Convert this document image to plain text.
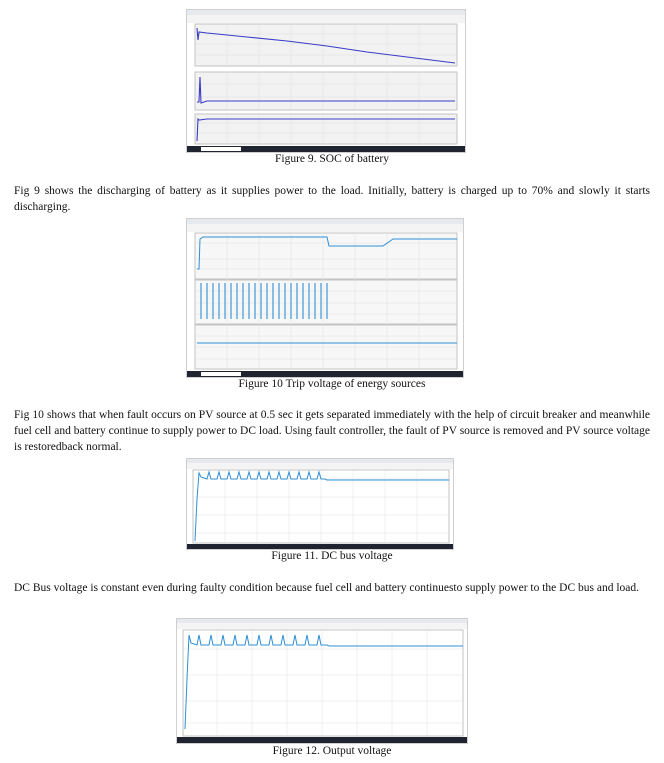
Figure 9. SOC of battery
Fig 9 shows the discharging of battery as it supplies power to the load. Initially, battery is charged up to 70% and slowly it starts discharging.
Figure 10 Trip voltage of energy sources
Fig 10 shows that when fault occurs on PV source at 0.5 sec it gets separated immediately with the help of circuit breaker and meanwhile fuel cell and battery continue to supply power to DC load. Using fault controller, the fault of PV source is removed and PV source voltage is restoredback normal.
Figure 11. DC bus voltage
DC Bus voltage is constant even during faulty condition because fuel cell and battery continuesto supply power to the DC bus and load.
Figure 12. Output voltage
